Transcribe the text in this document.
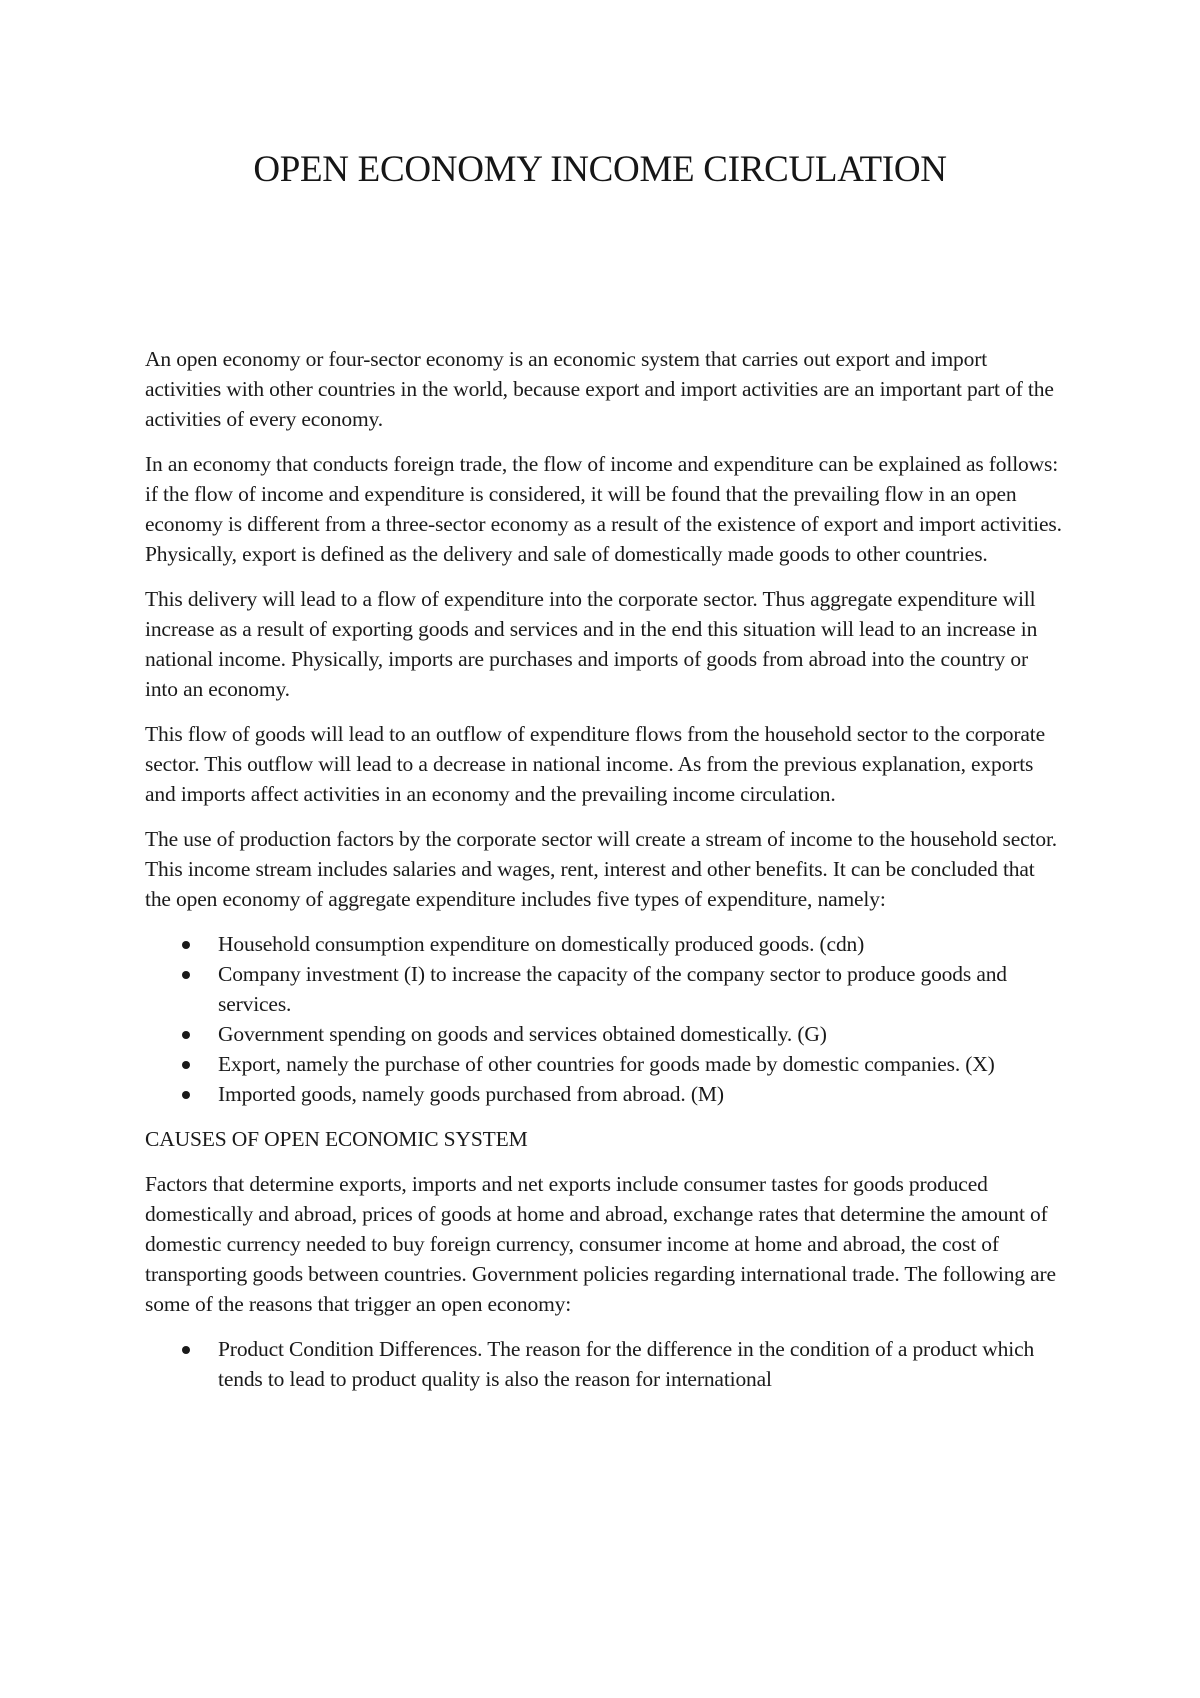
OPEN ECONOMY INCOME CIRCULATION

An open economy or four-sector economy is an economic system that carries out export and import activities with other countries in the world, because export and import activities are an important part of the activities of every economy.

In an economy that conducts foreign trade, the flow of income and expenditure can be explained as follows: if the flow of income and expenditure is considered, it will be found that the prevailing flow in an open economy is different from a three-sector economy as a result of the existence of export and import activities. Physically, export is defined as the delivery and sale of domestically made goods to other countries.

This delivery will lead to a flow of expenditure into the corporate sector. Thus aggregate expenditure will increase as a result of exporting goods and services and in the end this situation will lead to an increase in national income. Physically, imports are purchases and imports of goods from abroad into the country or into an economy.

This flow of goods will lead to an outflow of expenditure flows from the household sector to the corporate sector. This outflow will lead to a decrease in national income. As from the previous explanation, exports and imports affect activities in an economy and the prevailing income circulation.

The use of production factors by the corporate sector will create a stream of income to the household sector. This income stream includes salaries and wages, rent, interest and other benefits. It can be concluded that the open economy of aggregate expenditure includes five types of expenditure, namely:

Household consumption expenditure on domestically produced goods. (cdn)
Company investment (I) to increase the capacity of the company sector to produce goods and services.
Government spending on goods and services obtained domestically. (G)
Export, namely the purchase of other countries for goods made by domestic companies. (X)
Imported goods, namely goods purchased from abroad. (M)
CAUSES OF OPEN ECONOMIC SYSTEM

Factors that determine exports, imports and net exports include consumer tastes for goods produced domestically and abroad, prices of goods at home and abroad, exchange rates that determine the amount of domestic currency needed to buy foreign currency, consumer income at home and abroad, the cost of transporting goods between countries. Government policies regarding international trade. The following are some of the reasons that trigger an open economy:

Product Condition Differences. The reason for the difference in the condition of a product which tends to lead to product quality is also the reason for international
